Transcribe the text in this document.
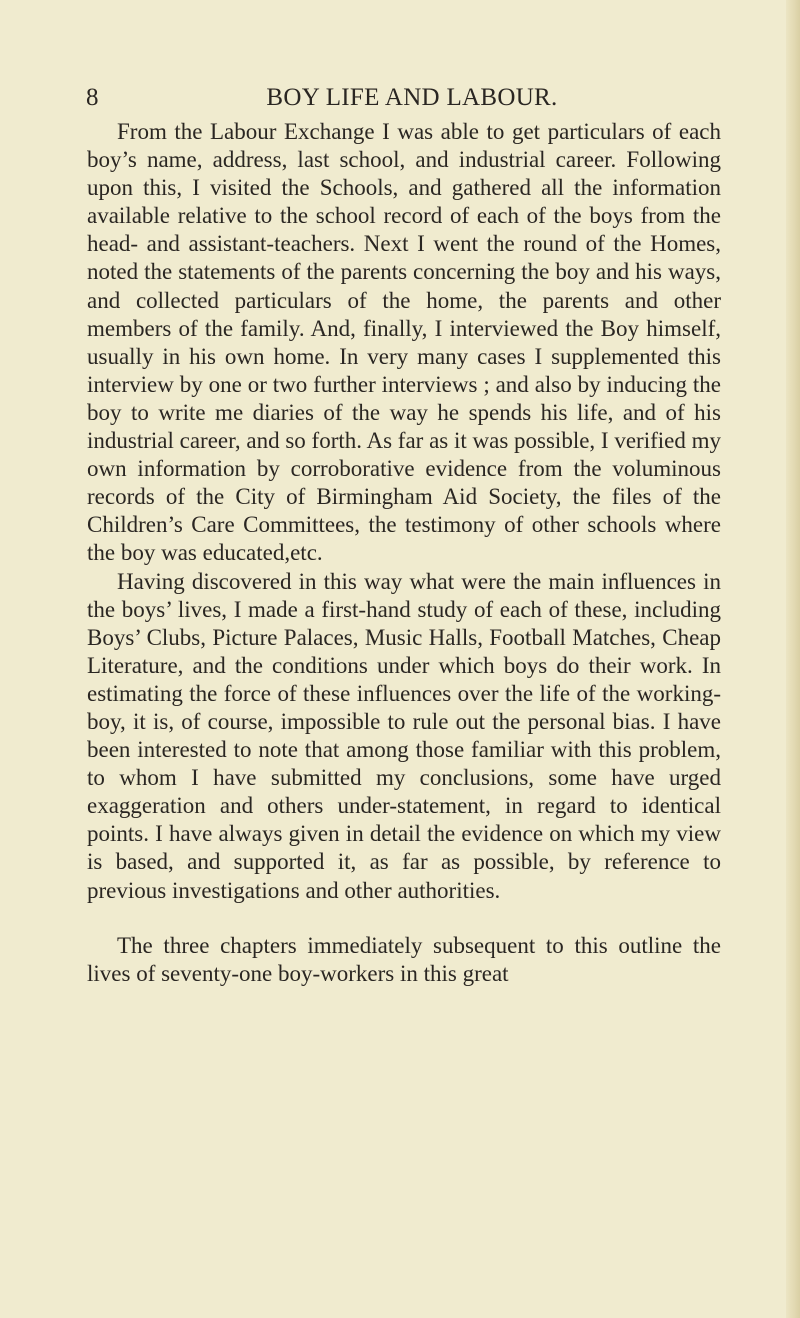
8	BOY LIFE AND LABOUR.

From the Labour Exchange I was able to get particulars of each boy’s name, address, last school, and industrial career. Following upon this, I visited the Schools, and gathered all the information available relative to the school record of each of the boys from the head- and assistant-teachers. Next I went the round of the Homes, noted the statements of the parents concerning the boy and his ways, and collected particulars of the home, the parents and other members of the family. And, finally, I interviewed the Boy himself, usually in his own home. In very many cases I supplemented this interview by one or two further interviews ; and also by inducing the boy to write me diaries of the way he spends his life, and of his industrial career, and so forth. As far as it was possible, I verified my own information by corroborative evidence from the voluminous records of the City of Birmingham Aid Society, the files of the Children’s Care Committees, the testimony of other schools where the boy was educated,etc.

Having discovered in this way what were the main influences in the boys’ lives, I made a first-hand study of each of these, including Boys’ Clubs, Picture Palaces, Music Halls, Football Matches, Cheap Literature, and the conditions under which boys do their work. In estimating the force of these influences over the life of the working-boy, it is, of course, impossible to rule out the personal bias. I have been interested to note that among those familiar with this problem, to whom I have submitted my conclusions, some have urged exaggeration and others under-statement, in regard to identical points. I have always given in detail the evidence on which my view is based, and supported it, as far as possible, by reference to previous investigations and other authorities.

The three chapters immediately subsequent to this outline the lives of seventy-one boy-workers in this great
